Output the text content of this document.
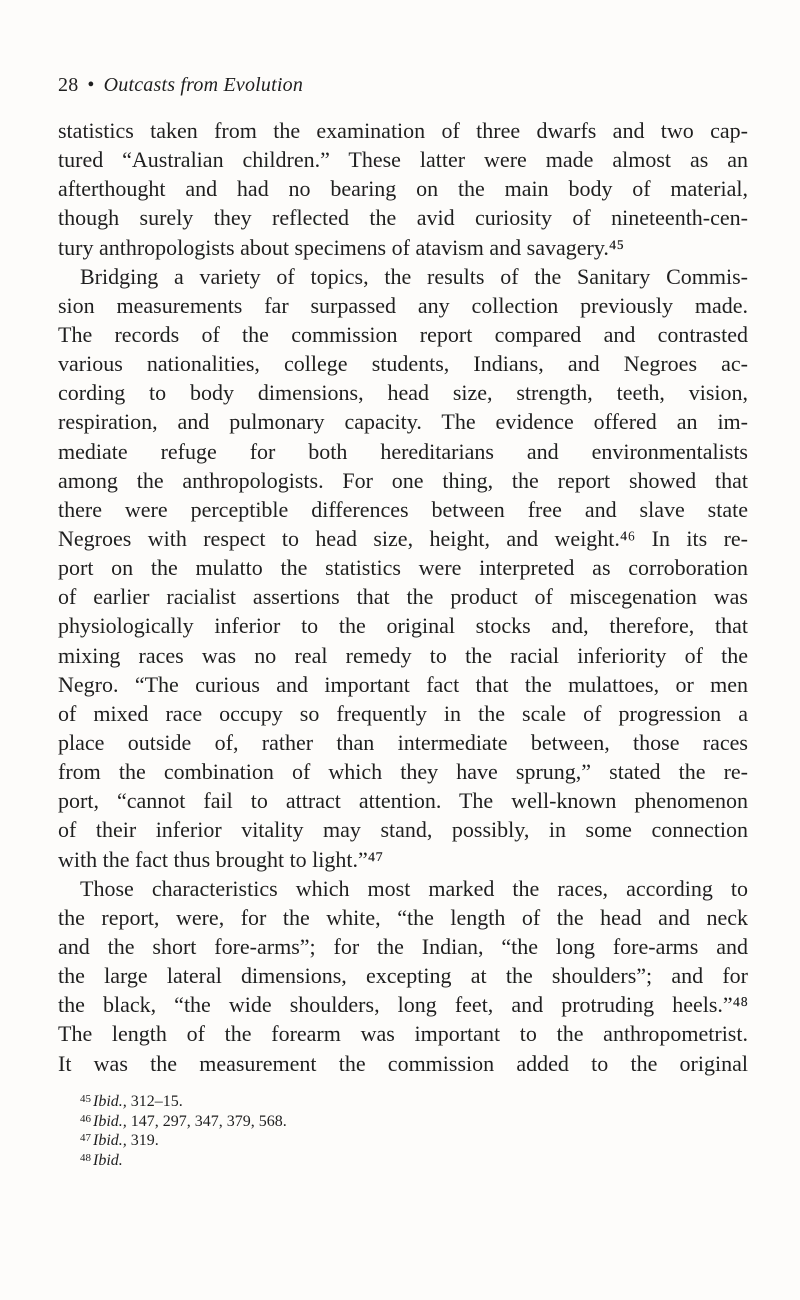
28 • Outcasts from Evolution
statistics taken from the examination of three dwarfs and two cap-
tured “Australian children.” These latter were made almost as an
afterthought and had no bearing on the main body of material,
though surely they reflected the avid curiosity of nineteenth-cen-
tury anthropologists about specimens of atavism and savagery.⁴⁵
Bridging a variety of topics, the results of the Sanitary Commis-
sion measurements far surpassed any collection previously made.
The records of the commission report compared and contrasted
various nationalities, college students, Indians, and Negroes ac-
cording to body dimensions, head size, strength, teeth, vision,
respiration, and pulmonary capacity. The evidence offered an im-
mediate refuge for both hereditarians and environmentalists
among the anthropologists. For one thing, the report showed that
there were perceptible differences between free and slave state
Negroes with respect to head size, height, and weight.⁴⁶ In its re-
port on the mulatto the statistics were interpreted as corroboration
of earlier racialist assertions that the product of miscegenation was
physiologically inferior to the original stocks and, therefore, that
mixing races was no real remedy to the racial inferiority of the
Negro. “The curious and important fact that the mulattoes, or men
of mixed race occupy so frequently in the scale of progression a
place outside of, rather than intermediate between, those races
from the combination of which they have sprung,” stated the re-
port, “cannot fail to attract attention. The well-known phenomenon
of their inferior vitality may stand, possibly, in some connection
with the fact thus brought to light.”⁴⁷
Those characteristics which most marked the races, according to
the report, were, for the white, “the length of the head and neck
and the short fore-arms”; for the Indian, “the long fore-arms and
the large lateral dimensions, excepting at the shoulders”; and for
the black, “the wide shoulders, long feet, and protruding heels.”⁴⁸
The length of the forearm was important to the anthropometrist.
It was the measurement the commission added to the original
$^{45}$ Ibid., 312–15.
$^{46}$ Ibid., 147, 297, 347, 379, 568.
$^{47}$ Ibid., 319.
$^{48}$ Ibid.
